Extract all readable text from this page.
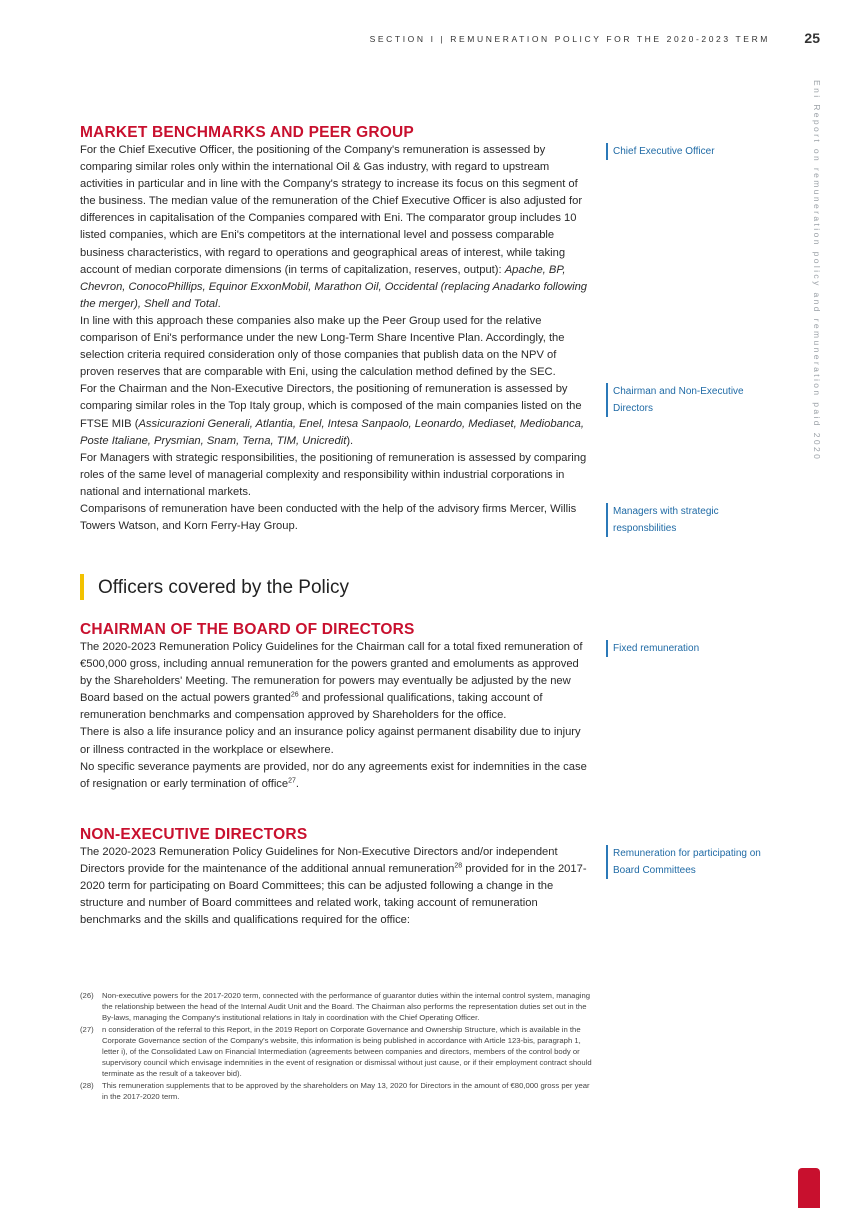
SECTION I | REMUNERATION POLICY FOR THE 2020-2023 TERM 25
Eni Report on remuneration policy and remuneration paid 2020
MARKET BENCHMARKS AND PEER GROUP

For the Chief Executive Officer, the positioning of the Company's remuneration is assessed by comparing similar roles only within the international Oil & Gas industry, with regard to upstream activities in particular and in line with the Company's strategy to increase its focus on this segment of the business. The median value of the remuneration of the Chief Executive Officer is also adjusted for differences in capitalisation of the Companies compared with Eni. The comparator group includes 10 listed companies, which are Eni's competitors at the international level and possess comparable business characteristics, with regard to operations and geographical areas of interest, while taking account of median corporate dimensions (in terms of capitalization, reserves, output): Apache, BP, Chevron, ConocoPhillips, Equinor ExxonMobil, Marathon Oil, Occidental (replacing Anadarko following the merger), Shell and Total.

In line with this approach these companies also make up the Peer Group used for the relative comparison of Eni's performance under the new Long-Term Share Incentive Plan. Accordingly, the selection criteria required consideration only of those companies that publish data on the NPV of proven reserves that are comparable with Eni, using the calculation method defined by the SEC.

For the Chairman and the Non-Executive Directors, the positioning of remuneration is assessed by comparing similar roles in the Top Italy group, which is composed of the main companies listed on the FTSE MIB (Assicurazioni Generali, Atlantia, Enel, Intesa Sanpaolo, Leonardo, Mediaset, Mediobanca, Poste Italiane, Prysmian, Snam, Terna, TIM, Unicredit).

For Managers with strategic responsibilities, the positioning of remuneration is assessed by comparing roles of the same level of managerial complexity and responsibility within industrial corporations in national and international markets.

Comparisons of remuneration have been conducted with the help of the advisory firms Mercer, Willis Towers Watson, and Korn Ferry-Hay Group.

Chief Executive Officer
Chairman and Non-Executive Directors
Managers with strategic responsbilities
Officers covered by the Policy
CHAIRMAN OF THE BOARD OF DIRECTORS

The 2020-2023 Remuneration Policy Guidelines for the Chairman call for a total fixed remuneration of €500,000 gross, including annual remuneration for the powers granted and emoluments as approved by the Shareholders' Meeting. The remuneration for powers may eventually be adjusted by the new Board based on the actual powers granted$^{26}$ and professional qualifications, taking account of remuneration benchmarks and compensation approved by Shareholders for the office.

There is also a life insurance policy and an insurance policy against permanent disability due to injury or illness contracted in the workplace or elsewhere.

No specific severance payments are provided, nor do any agreements exist for indemnities in the case of resignation or early termination of office$^{27}$.

Fixed remuneration
NON-EXECUTIVE DIRECTORS

The 2020-2023 Remuneration Policy Guidelines for Non-Executive Directors and/or independent Directors provide for the maintenance of the additional annual remuneration$^{28}$ provided for in the 2017-2020 term for participating on Board Committees; this can be adjusted following a change in the structure and number of Board committees and related work, taking account of remuneration benchmarks and the skills and qualifications required for the office:

Remuneration for participating on Board Committees
(26)	Non-executive powers for the 2017-2020 term, connected with the performance of guarantor duties within the internal control system, managing the relationship between the head of the Internal Audit Unit and the Board. The Chairman also performs the representation duties set out in the By-laws, managing the Company's institutional relations in Italy in coordination with the Chief Operating Officer.
(27)	n consideration of the referral to this Report, in the 2019 Report on Corporate Governance and Ownership Structure, which is available in the Corporate Governance section of the Company's website, this information is being published in accordance with Article 123-bis, paragraph 1, letter i), of the Consolidated Law on Financial Intermediation (agreements between companies and directors, members of the control body or supervisory council which envisage indemnities in the event of resignation or dismissal without just cause, or if their employment contract should terminate as the result of a takeover bid).
(28)	This remuneration supplements that to be approved by the shareholders on May 13, 2020 for Directors in the amount of €80,000 gross per year in the 2017-2020 term.
